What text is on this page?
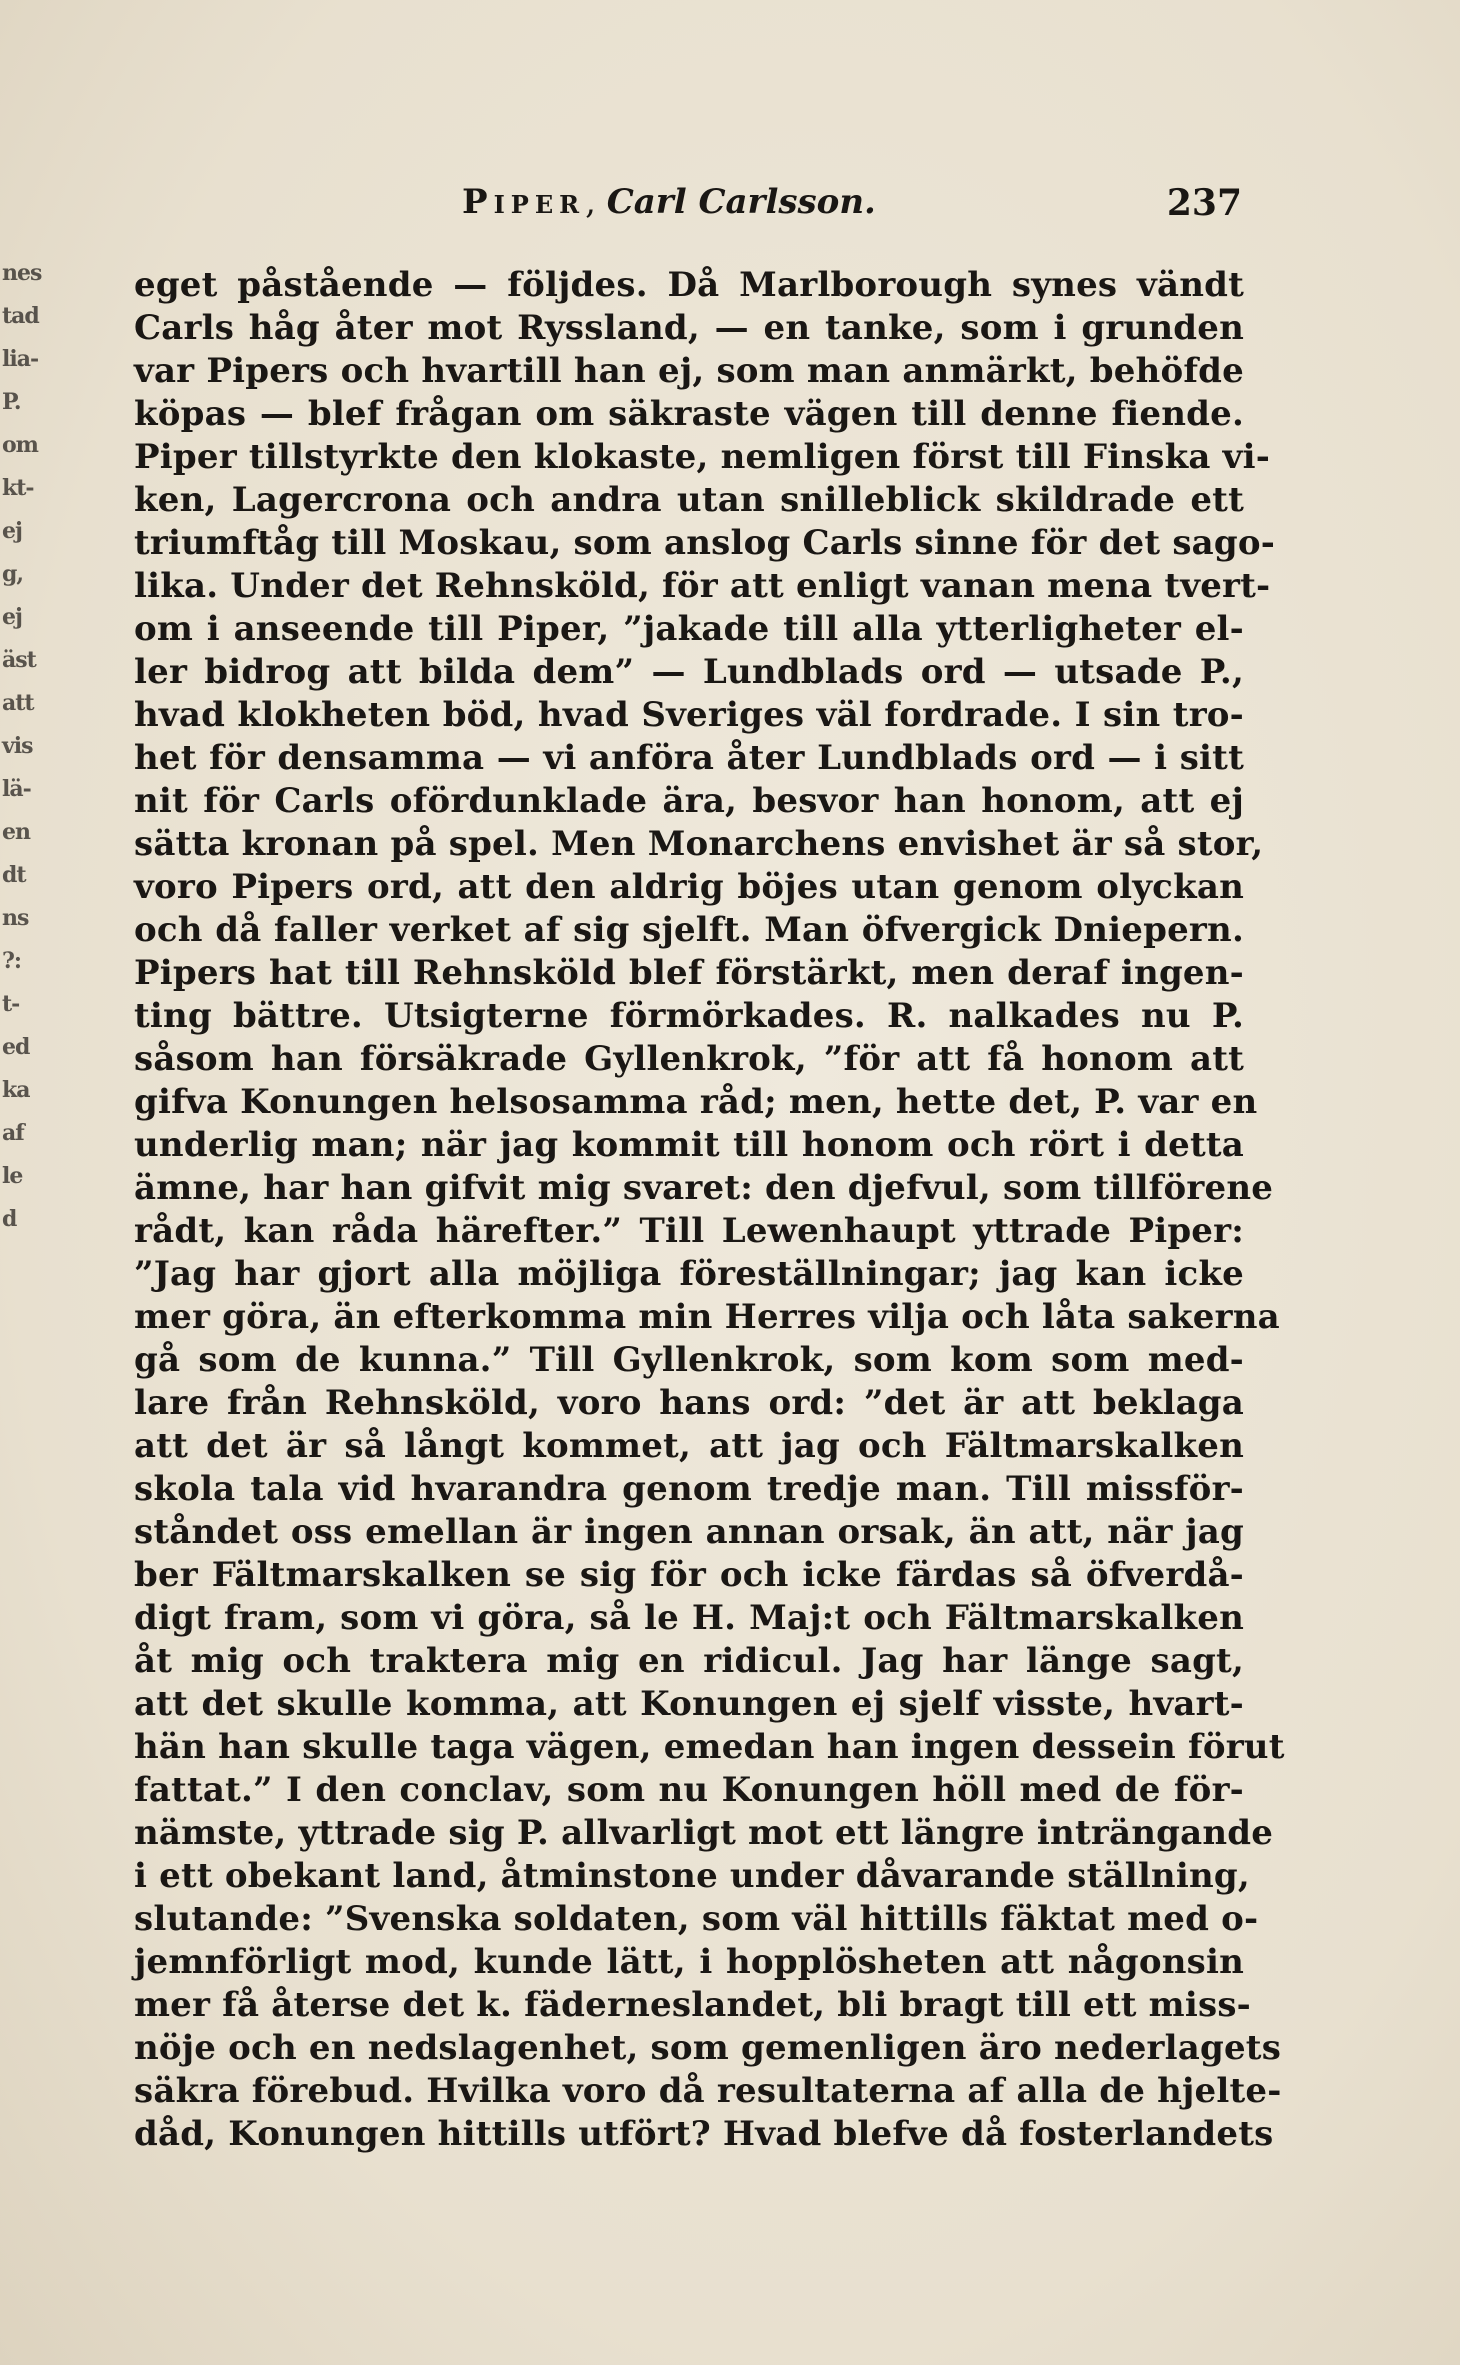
nes
tad
lia-
P.
om
kt-
ej
g,
ej
äst
att
vis
lä-
en
dt
ns
?:
t-
ed
ka
af
le
d
Piper, Carl Carlsson.	237
eget påstående — följdes. Då Marlborough synes vändt
Carls håg åter mot Ryssland, — en tanke, som i grunden
var Pipers och hvartill han ej, som man anmärkt, behöfde
köpas — blef frågan om säkraste vägen till denne fiende.
Piper tillstyrkte den klokaste, nemligen först till Finska vi-
ken, Lagercrona och andra utan snilleblick skildrade ett
triumftåg till Moskau, som anslog Carls sinne för det sago-
lika. Under det Rehnsköld, för att enligt vanan mena tvert-
om i anseende till Piper, ”jakade till alla ytterligheter el-
ler bidrog att bilda dem” — Lundblads ord — utsade P.,
hvad klokheten böd, hvad Sveriges väl fordrade. I sin tro-
het för densamma — vi anföra åter Lundblads ord — i sitt
nit för Carls ofördunklade ära, besvor han honom, att ej
sätta kronan på spel. Men Monarchens envishet är så stor,
voro Pipers ord, att den aldrig böjes utan genom olyckan
och då faller verket af sig sjelft. Man öfvergick Dniepern.
Pipers hat till Rehnsköld blef förstärkt, men deraf ingen-
ting bättre. Utsigterne förmörkades. R. nalkades nu P.
såsom han försäkrade Gyllenkrok, ”för att få honom att
gifva Konungen helsosamma råd; men, hette det, P. var en
underlig man; när jag kommit till honom och rört i detta
ämne, har han gifvit mig svaret: den djefvul, som tillförene
rådt, kan råda härefter.” Till Lewenhaupt yttrade Piper:
”Jag har gjort alla möjliga föreställningar; jag kan icke
mer göra, än efterkomma min Herres vilja och låta sakerna
gå som de kunna.” Till Gyllenkrok, som kom som med-
lare från Rehnsköld, voro hans ord: ”det är att beklaga
att det är så långt kommet, att jag och Fältmarskalken
skola tala vid hvarandra genom tredje man. Till missför-
ståndet oss emellan är ingen annan orsak, än att, när jag
ber Fältmarskalken se sig för och icke färdas så öfverdå-
digt fram, som vi göra, så le H. Maj:t och Fältmarskalken
åt mig och traktera mig en ridicul. Jag har länge sagt,
att det skulle komma, att Konungen ej sjelf visste, hvart-
hän han skulle taga vägen, emedan han ingen dessein förut
fattat.” I den conclav, som nu Konungen höll med de för-
nämste, yttrade sig P. allvarligt mot ett längre inträngande
i ett obekant land, åtminstone under dåvarande ställning,
slutande: ”Svenska soldaten, som väl hittills fäktat med o-
jemnförligt mod, kunde lätt, i hopplösheten att någonsin
mer få återse det k. fäderneslandet, bli bragt till ett miss-
nöje och en nedslagenhet, som gemenligen äro nederlagets
säkra förebud. Hvilka voro då resultaterna af alla de hjelte-
dåd, Konungen hittills utfört? Hvad blefve då fosterlandets
